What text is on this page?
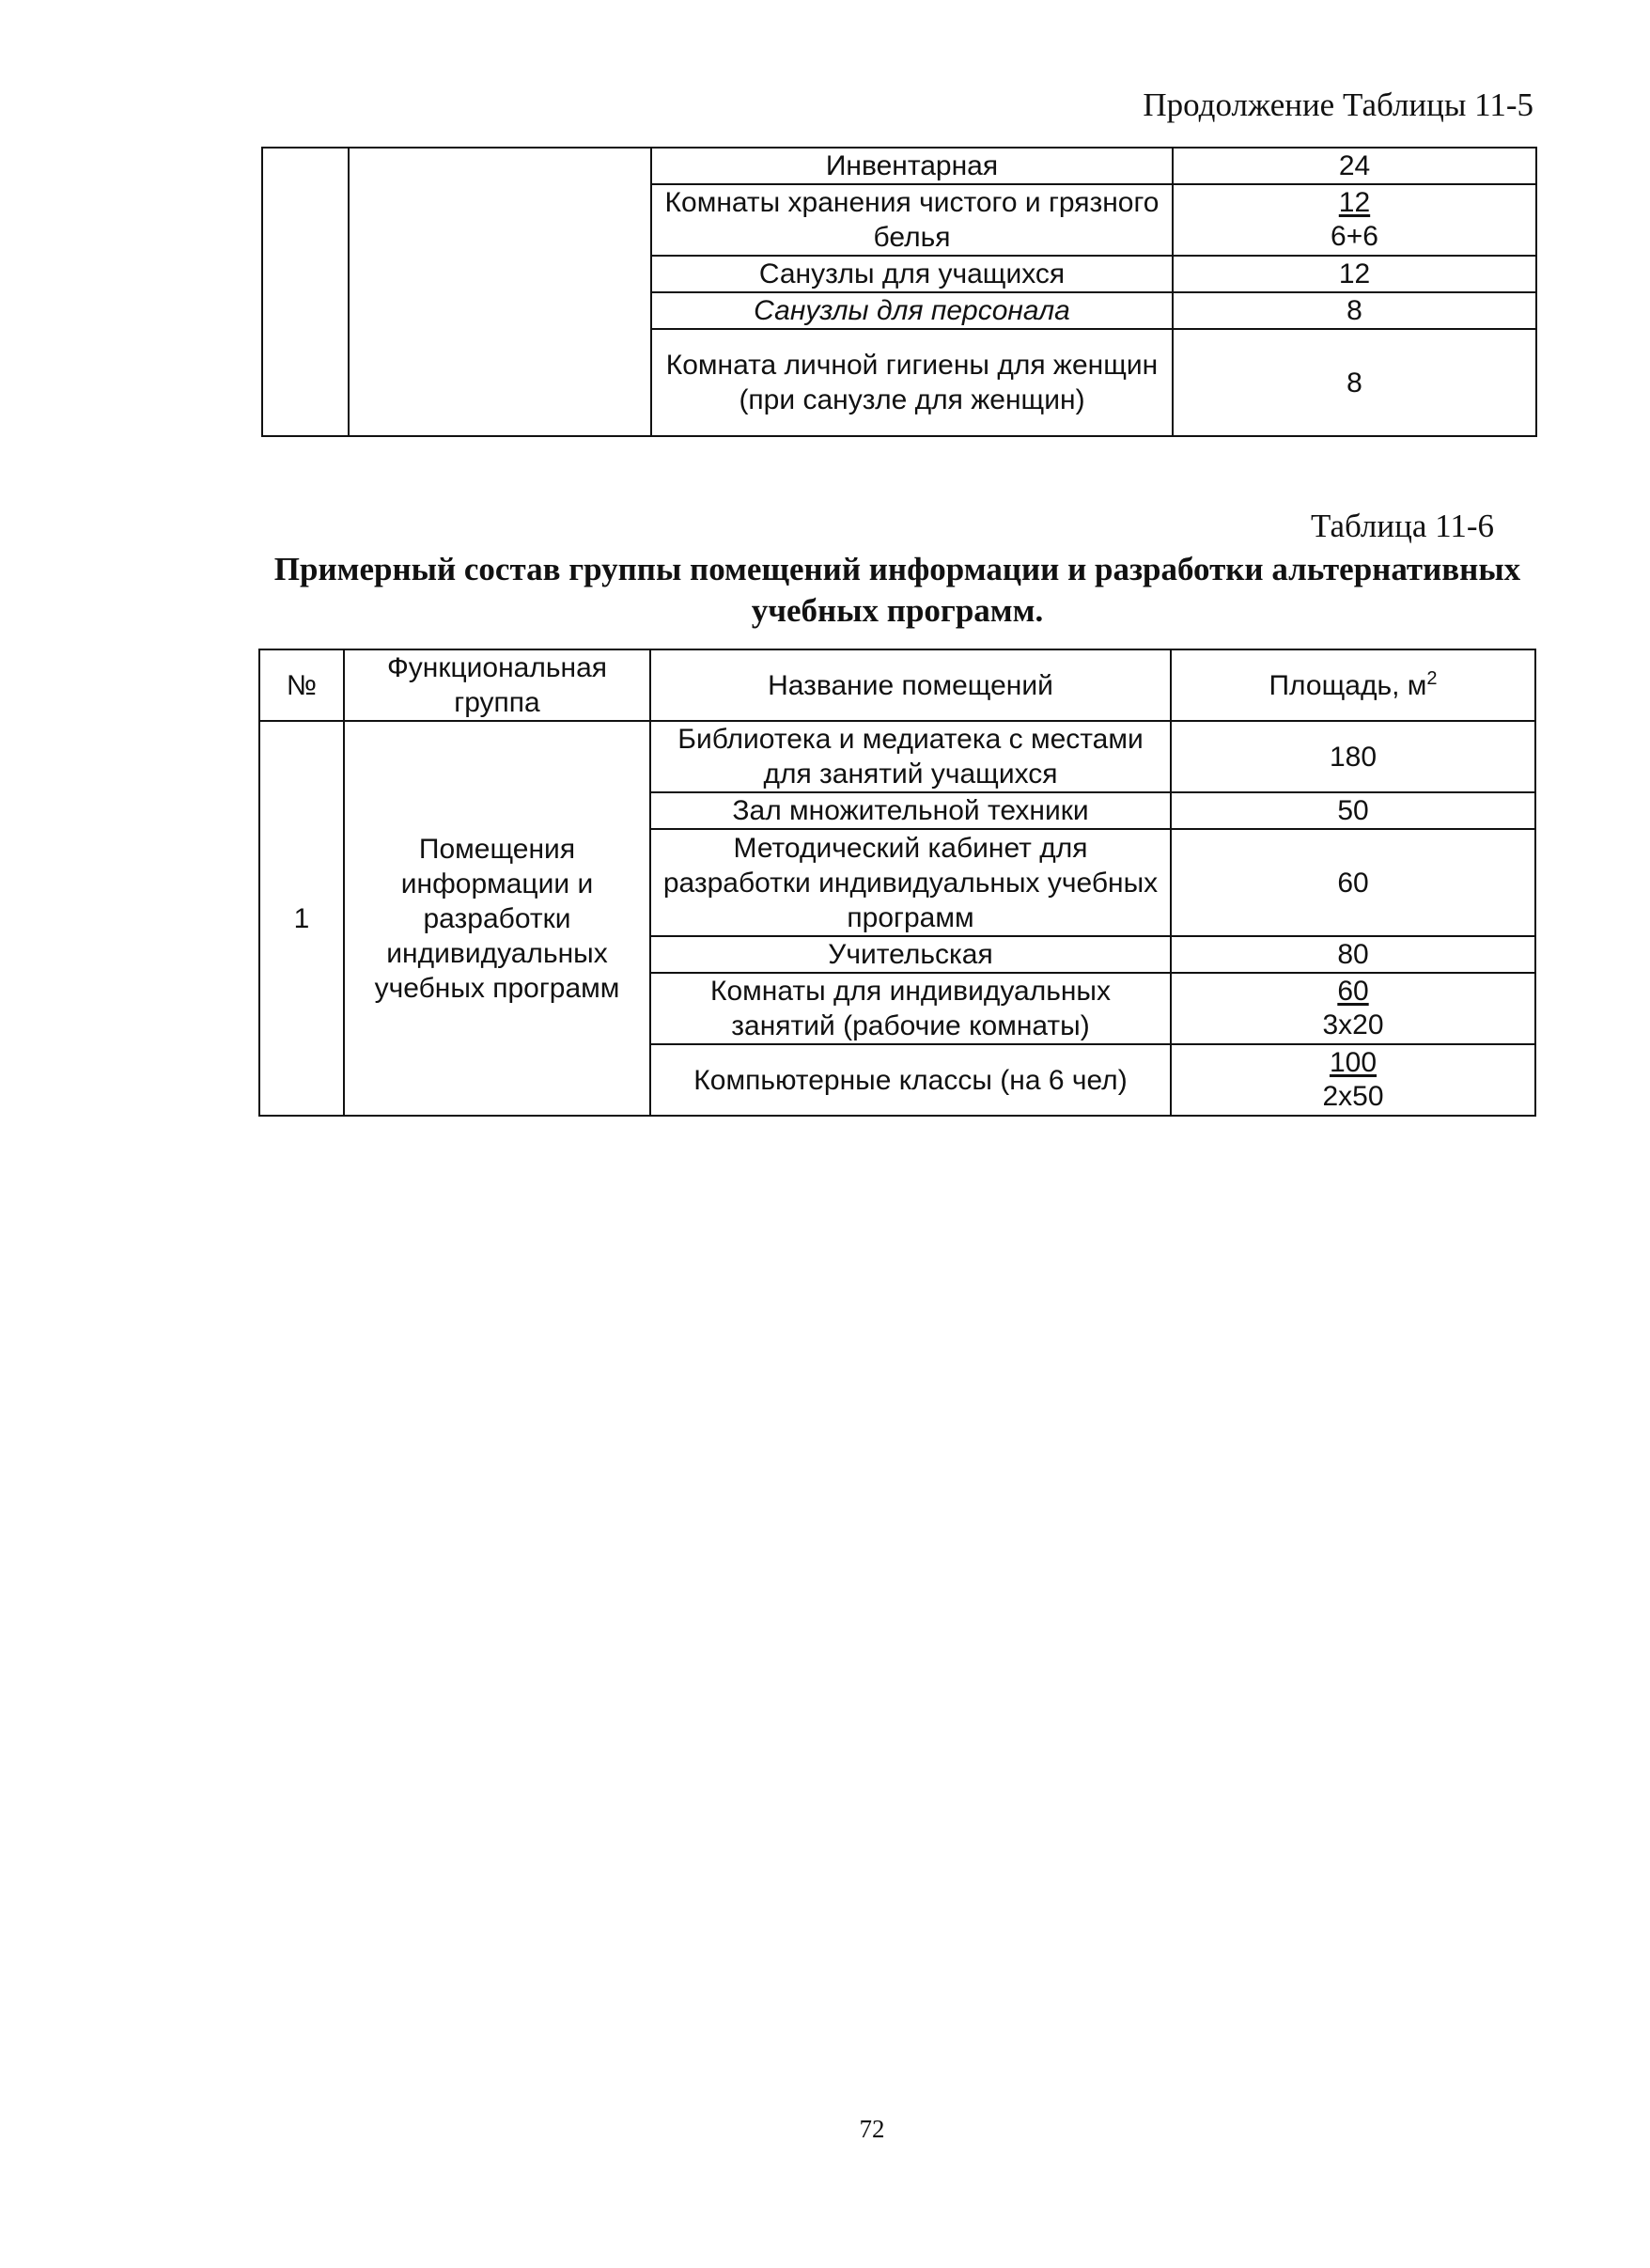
Продолжение Таблицы 11-5
		Инвентарная	24
		Комнаты хранения чистого и грязного белья	$\frac{12}{6+6}$

		Санузлы для учащихся	12
		Санузлы для персонала	8
		Комната личной гигиены для женщин (при санузле для женщин)	8
Таблица 11-6
Примерный состав группы помещений информации и разработки альтернативных учебных программ.
№	Функциональная группа	Название помещений	Площадь, $м^2$
1	Помещения информации и разработки индивидуальных учебных программ	Библиотека и медиатека с местами для занятий учащихся	180
		Зал множительной техники	50
		Методический кабинет для разработки индивидуальных учебных программ	60
		Учительская	80
		Комнаты для индивидуальных занятий (рабочие комнаты)	$\frac{60}{3x20}$

		Компьютерные классы (на 6 чел)	$\frac{100}{2x50}$
72
